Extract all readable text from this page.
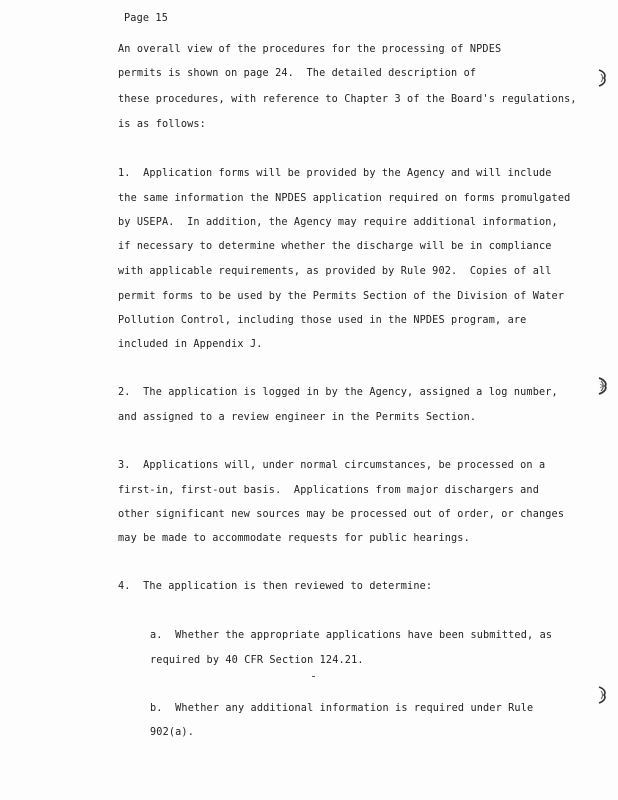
Page 15
An overall view of the procedures for the processing of NPDES
permits is shown on page 24.  The detailed description of
these procedures, with reference to Chapter 3 of the Board's regulations,
is as follows:
1.  Application forms will be provided by the Agency and will include
the same information the NPDES application required on forms promulgated
by USEPA.  In addition, the Agency may require additional information,
if necessary to determine whether the discharge will be in compliance
with applicable requirements, as provided by Rule 902.  Copies of all
permit forms to be used by the Permits Section of the Division of Water
Pollution Control, including those used in the NPDES program, are
included in Appendix J.
2.  The application is logged in by the Agency, assigned a log number,
and assigned to a review engineer in the Permits Section.
3.  Applications will, under normal circumstances, be processed on a
first-in, first-out basis.  Applications from major dischargers and
other significant new sources may be processed out of order, or changes
may be made to accommodate requests for public hearings.
4.  The application is then reviewed to determine:
a.  Whether the appropriate applications have been submitted, as
required by 40 CFR Section 124.21.
b.  Whether any additional information is required under Rule
902(a).
